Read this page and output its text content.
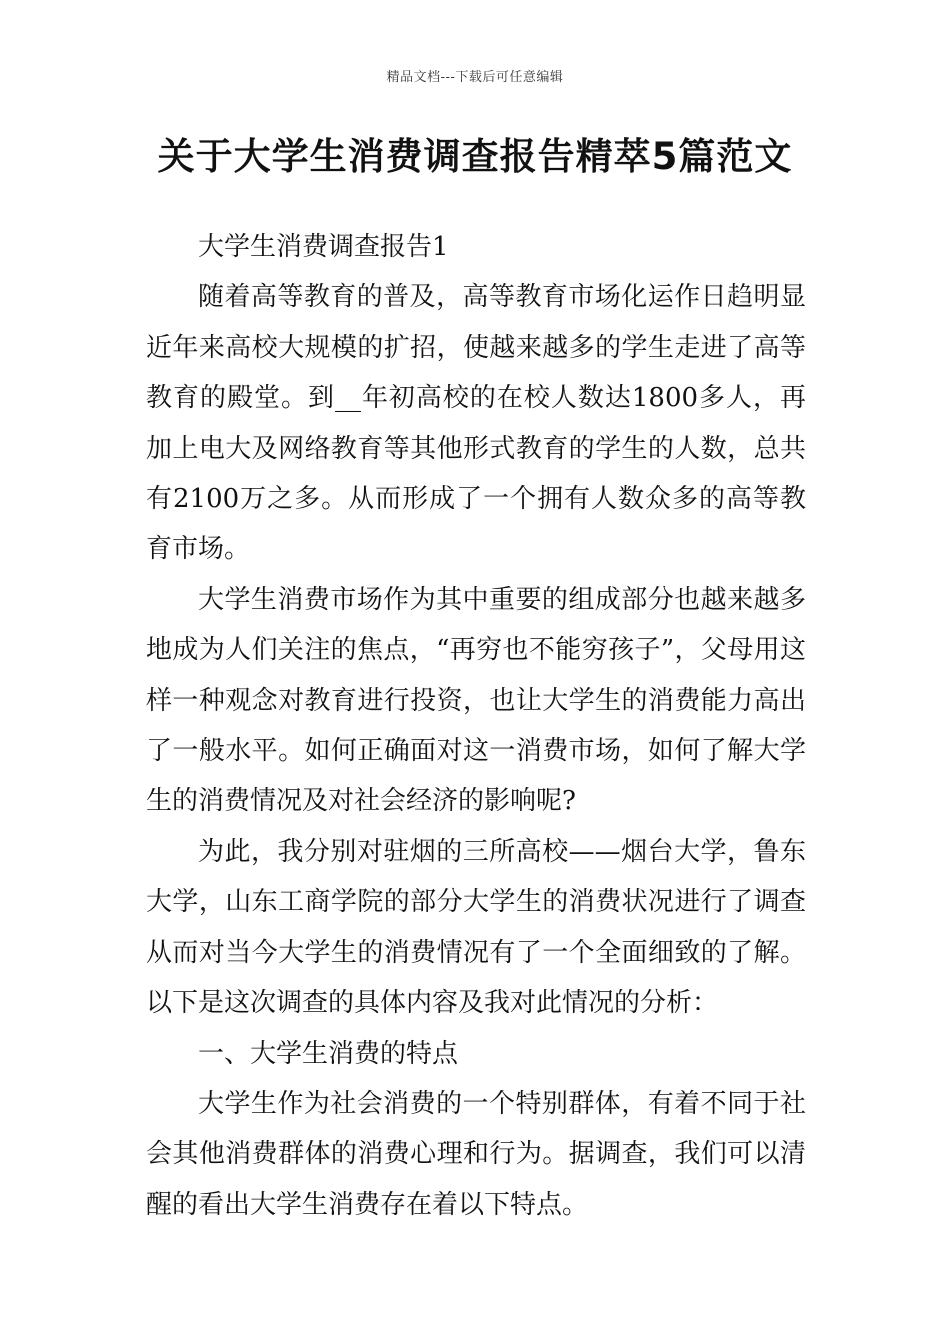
精品文档---下载后可任意编辑
关于大学生消费调查报告精萃5篇范文

大学生消费调查报告1

随着高等教育的普及，高等教育市场化运作日趋明显近年来高校大规模的扩招，使越来越多的学生走进了高等教育的殿堂。到__年初高校的在校人数达1800多人，再加上电大及网络教育等其他形式教育的学生的人数，总共有2100万之多。从而形成了一个拥有人数众多的高等教育市场。

大学生消费市场作为其中重要的组成部分也越来越多地成为人们关注的焦点，“再穷也不能穷孩子”，父母用这样一种观念对教育进行投资，也让大学生的消费能力高出了一般水平。如何正确面对这一消费市场，如何了解大学生的消费情况及对社会经济的影响呢?

为此，我分别对驻烟的三所高校——烟台大学，鲁东大学，山东工商学院的部分大学生的消费状况进行了调查从而对当今大学生的消费情况有了一个全面细致的了解。以下是这次调查的具体内容及我对此情况的分析：

一、大学生消费的特点

大学生作为社会消费的一个特别群体，有着不同于社会其他消费群体的消费心理和行为。据调查，我们可以清醒的看出大学生消费存在着以下特点。
